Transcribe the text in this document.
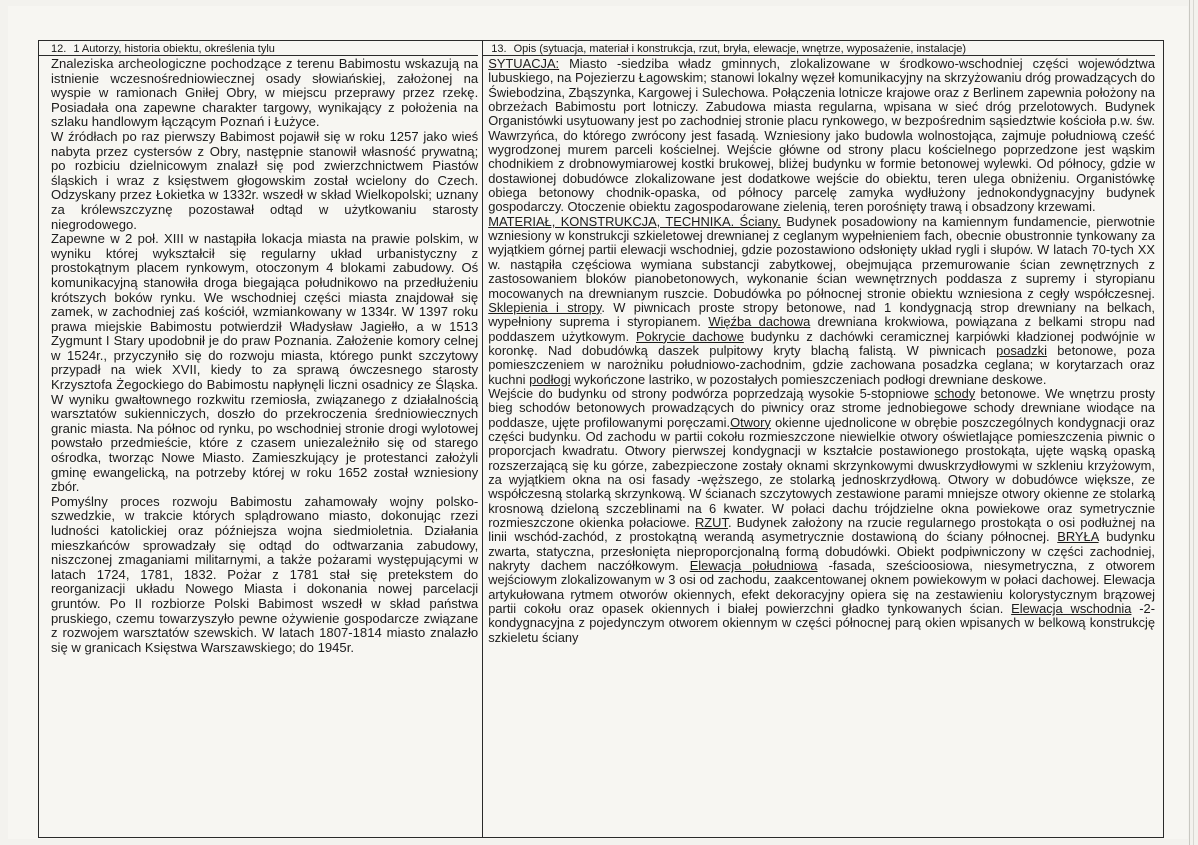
12. 1 Autorzy, historia obiektu, określenia tylu

Znaleziska archeologiczne pochodzące z terenu Babimostu wskazują na istnienie wczesnośredniowiecznej osady słowiańskiej, założonej na wyspie w ramionach Gniłej Obry, w miejscu przeprawy przez rzekę. Posiadała ona zapewne charakter targowy, wynikający z położenia na szlaku handlowym łączącym Poznań i Łużyce.

W źródłach po raz pierwszy Babimost pojawił się w roku 1257 jako wieś nabyta przez cystersów z Obry, następnie stanowił własność prywatną; po rozbiciu dzielnicowym znalazł się pod zwierzchnictwem Piastów śląskich i wraz z księstwem głogowskim został wcielony do Czech. Odzyskany przez Łokietka w 1332r. wszedł w skład Wielkopolski; uznany za królewszczyznę pozostawał odtąd w użytkowaniu starosty niegrodowego.

Zapewne w 2 poł. XIII w nastąpiła lokacja miasta na prawie polskim, w wyniku której wykształcił się regularny układ urbanistyczny z prostokątnym placem rynkowym, otoczonym 4 blokami zabudowy. Oś komunikacyjną stanowiła droga biegająca południkowo na przedłużeniu krótszych boków rynku. We wschodniej części miasta znajdował się zamek, w zachodniej zaś kościół, wzmiankowany w 1334r. W 1397 roku prawa miejskie Babimostu potwierdził Władysław Jagiełło, a w 1513 Zygmunt I Stary upodobnił je do praw Poznania. Założenie komory celnej w 1524r., przyczyniło się do rozwoju miasta, którego punkt szczytowy przypadł na wiek XVII, kiedy to za sprawą ówczesnego starosty Krzysztofa Żegockiego do Babimostu napłynęli liczni osadnicy ze Śląska. W wyniku gwałtownego rozkwitu rzemiosła, związanego z działalnością warsztatów sukienniczych, doszło do przekroczenia średniowiecznych granic miasta. Na północ od rynku, po wschodniej stronie drogi wylotowej powstało przedmieście, które z czasem uniezależniło się od starego ośrodka, tworząc Nowe Miasto. Zamieszkujący je protestanci założyli gminę ewangelicką, na potrzeby której w roku 1652 został wzniesiony zbór.

Pomyślny proces rozwoju Babimostu zahamowały wojny polsko-szwedzkie, w trakcie których splądrowano miasto, dokonując rzezi ludności katolickiej oraz późniejsza wojna siedmioletnia. Działania mieszkańców sprowadzały się odtąd do odtwarzania zabudowy, niszczonej zmaganiami militarnymi, a także pożarami występującymi w latach 1724, 1781, 1832. Pożar z 1781 stał się pretekstem do reorganizacji układu Nowego Miasta i dokonania nowej parcelacji gruntów. Po II rozbiorze Polski Babimost wszedł w skład państwa pruskiego, czemu towarzyszyło pewne ożywienie gospodarcze związane z rozwojem warsztatów szewskich. W latach 1807-1814 miasto znalazło się w granicach Księstwa Warszawskiego; do 1945r.

13. Opis (sytuacja, materiał i konstrukcja, rzut, bryła, elewacje, wnętrze, wyposażenie, instalacje)

SYTUACJA: Miasto -siedziba władz gminnych, zlokalizowane w środkowo-wschodniej części województwa lubuskiego, na Pojezierzu Łagowskim; stanowi lokalny węzeł komunikacyjny na skrzyżowaniu dróg prowadzących do Świebodzina, Zbąszynka, Kargowej i Sulechowa. Połączenia lotnicze krajowe oraz z Berlinem zapewnia położony na obrzeżach Babimostu port lotniczy. Zabudowa miasta regularna, wpisana w sieć dróg przelotowych. Budynek Organistówki usytuowany jest po zachodniej stronie placu rynkowego, w bezpośrednim sąsiedztwie kościoła p.w. św. Wawrzyńca, do którego zwrócony jest fasadą. Wzniesiony jako budowla wolnostojąca, zajmuje południową cześć wygrodzonej murem parceli kościelnej. Wejście główne od strony placu kościelnego poprzedzone jest wąskim chodnikiem z drobnowymiarowej kostki brukowej, bliżej budynku w formie betonowej wylewki. Od północy, gdzie w dostawionej dobudówce zlokalizowane jest dodatkowe wejście do obiektu, teren ulega obniżeniu. Organistówkę obiega betonowy chodnik-opaska, od północy parcelę zamyka wydłużony jednokondygnacyjny budynek gospodarczy. Otoczenie obiektu zagospodarowane zielenią, teren porośnięty trawą i obsadzony krzewami.

MATERIAŁ, KONSTRUKCJA, TECHNIKA. Ściany. Budynek posadowiony na kamiennym fundamencie, pierwotnie wzniesiony w konstrukcji szkieletowej drewnianej z ceglanym wypełnieniem fach, obecnie obustronnie tynkowany za wyjątkiem górnej partii elewacji wschodniej, gdzie pozostawiono odsłonięty układ rygli i słupów. W latach 70-tych XX w. nastąpiła częściowa wymiana substancji zabytkowej, obejmująca przemurowanie ścian zewnętrznych z zastosowaniem bloków pianobetonowych, wykonanie ścian wewnętrznych poddasza z supremy i styropianu mocowanych na drewnianym ruszcie. Dobudówka po północnej stronie obiektu wzniesiona z cegły współczesnej. Sklepienia i stropy. W piwnicach proste stropy betonowe, nad 1 kondygnacją strop drewniany na belkach, wypełniony suprema i styropianem. Więźba dachowa drewniana krokwiowa, powiązana z belkami stropu nad poddaszem użytkowym. Pokrycie dachowe budynku z dachówki ceramicznej karpiówki kładzionej podwójnie w koronkę. Nad dobudówką daszek pulpitowy kryty blachą falistą. W piwnicach posadzki betonowe, poza pomieszczeniem w narożniku południowo-zachodnim, gdzie zachowana posadzka ceglana; w korytarzach oraz kuchni podłogi wykończone lastriko, w pozostałych pomieszczeniach podłogi drewniane deskowe.

Wejście do budynku od strony podwórza poprzedzają wysokie 5-stopniowe schody betonowe. We wnętrzu prosty bieg schodów betonowych prowadzących do piwnicy oraz strome jednobiegowe schody drewniane wiodące na poddasze, ujęte profilowanymi poręczami.Otwory okienne ujednolicone w obrębie poszczególnych kondygnacji oraz części budynku. Od zachodu w partii cokołu rozmieszczone niewielkie otwory oświetlające pomieszczenia piwnic o proporcjach kwadratu. Otwory pierwszej kondygnacji w kształcie postawionego prostokąta, ujęte wąską opaską rozszerzającą się ku górze, zabezpieczone zostały oknami skrzynkowymi dwuskrzydłowymi w szkleniu krzyżowym, za wyjątkiem okna na osi fasady -węższego, ze stolarką jednoskrzydłową. Otwory w dobudówce większe, ze współczesną stolarką skrzynkową. W ścianach szczytowych zestawione parami mniejsze otwory okienne ze stolarką krosnową dzieloną szczeblinami na 6 kwater. W połaci dachu trójdzielne okna powiekowe oraz symetrycznie rozmieszczone okienka połaciowe. RZUT. Budynek założony na rzucie regularnego prostokąta o osi podłużnej na linii wschód-zachód, z prostokątną werandą asymetrycznie dostawioną do ściany północnej. BRYŁA budynku zwarta, statyczna, przesłonięta nieproporcjonalną formą dobudówki. Obiekt podpiwniczony w części zachodniej, nakryty dachem naczółkowym. Elewacja południowa -fasada, sześcioosiowa, niesymetryczna, z otworem wejściowym zlokalizowanym w 3 osi od zachodu, zaakcentowanej oknem powiekowym w połaci dachowej. Elewacja artykułowana rytmem otworów okiennych, efekt dekoracyjny opiera się na zestawieniu kolorystycznym brązowej partii cokołu oraz opasek okiennych i białej powierzchni gładko tynkowanych ścian. Elewacja wschodnia -2-kondygnacyjna z pojedynczym otworem okiennym w części północnej parą okien wpisanych w belkową konstrukcję szkieletu ściany
